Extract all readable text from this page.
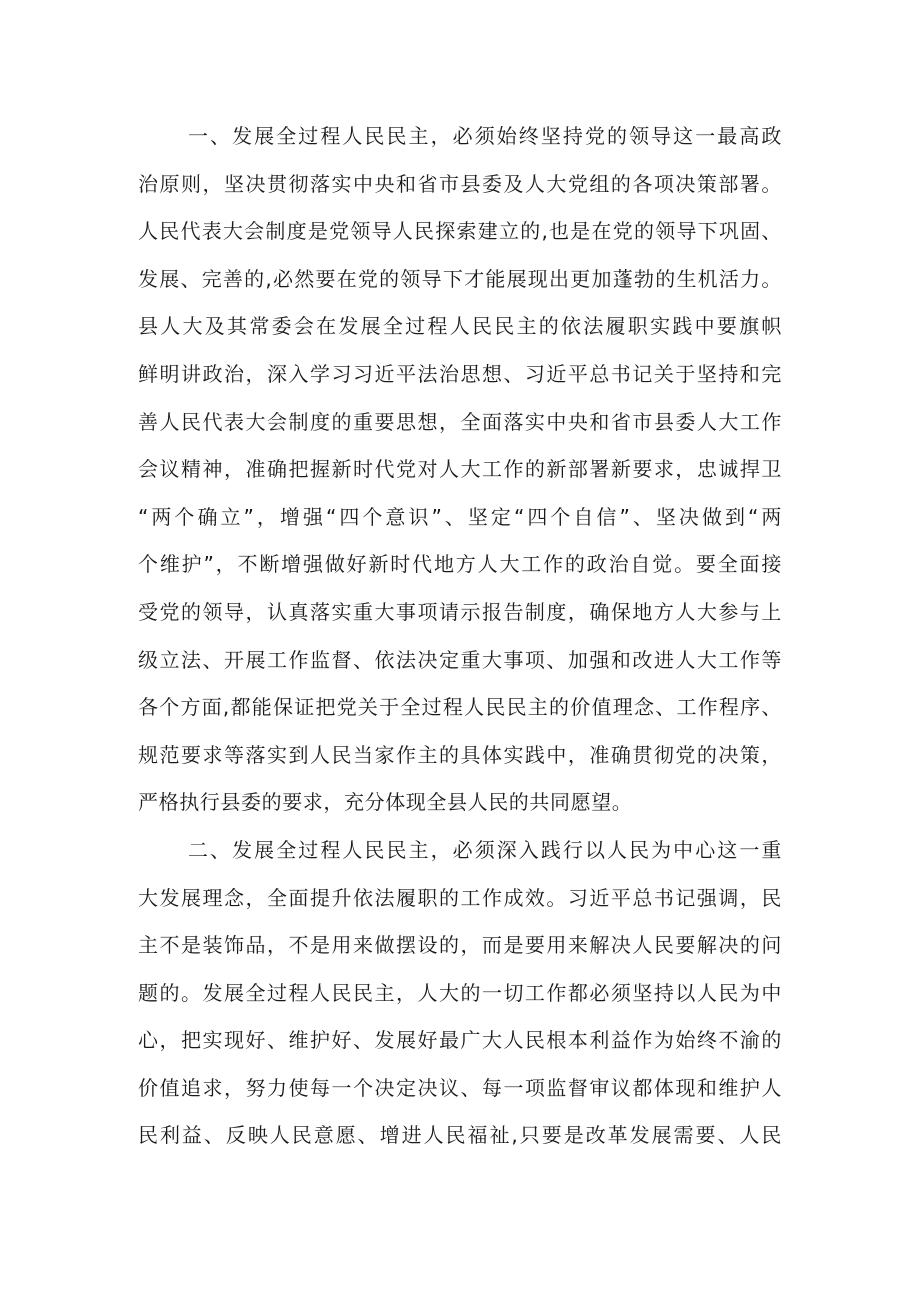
一、发展全过程人民民主，必须始终坚持党的领导这一最高政
治原则，坚决贯彻落实中央和省市县委及人大党组的各项决策部署。
人民代表大会制度是党领导人民探索建立的,也是在党的领导下巩固、
发展、完善的,必然要在党的领导下才能展现出更加蓬勃的生机活力。
县人大及其常委会在发展全过程人民民主的依法履职实践中要旗帜
鲜明讲政治，深入学习习近平法治思想、习近平总书记关于坚持和完
善人民代表大会制度的重要思想，全面落实中央和省市县委人大工作
会议精神，准确把握新时代党对人大工作的新部署新要求，忠诚捍卫
“两个确立”，增强“四个意识”、坚定“四个自信”、坚决做到“两
个维护”，不断增强做好新时代地方人大工作的政治自觉。要全面接
受党的领导，认真落实重大事项请示报告制度，确保地方人大参与上
级立法、开展工作监督、依法决定重大事项、加强和改进人大工作等
各个方面,都能保证把党关于全过程人民民主的价值理念、工作程序、
规范要求等落实到人民当家作主的具体实践中，准确贯彻党的决策，
严格执行县委的要求，充分体现全县人民的共同愿望。
二、发展全过程人民民主，必须深入践行以人民为中心这一重
大发展理念，全面提升依法履职的工作成效。习近平总书记强调，民
主不是装饰品，不是用来做摆设的，而是要用来解决人民要解决的问
题的。发展全过程人民民主，人大的一切工作都必须坚持以人民为中
心，把实现好、维护好、发展好最广大人民根本利益作为始终不渝的
价值追求，努力使每一个决定决议、每一项监督审议都体现和维护人
民利益、反映人民意愿、增进人民福祉,只要是改革发展需要、人民
